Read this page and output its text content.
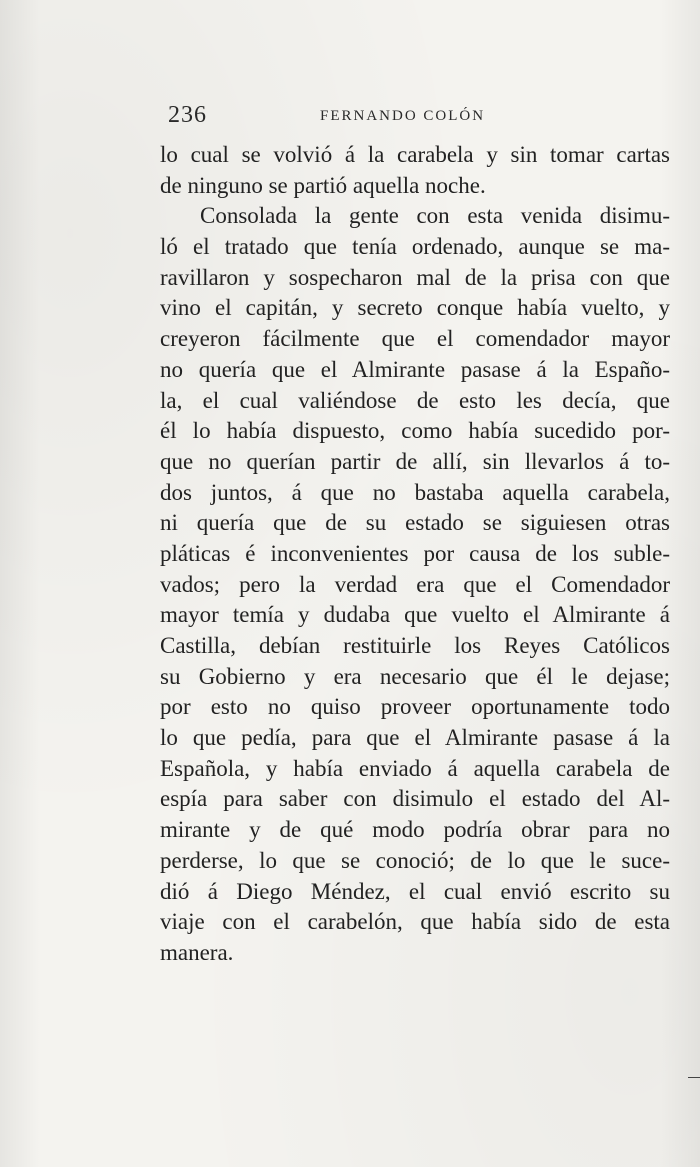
236	FERNANDO COLÓN
lo cual se volvió á la carabela y sin tomar cartas
de ninguno se partió aquella noche.
Consolada la gente con esta venida disimu-
ló el tratado que tenía ordenado, aunque se ma-
ravillaron y sospecharon mal de la prisa con que
vino el capitán, y secreto conque había vuelto, y
creyeron fácilmente que el comendador mayor
no quería que el Almirante pasase á la Españo-
la, el cual valiéndose de esto les decía, que
él lo había dispuesto, como había sucedido por-
que no querían partir de allí, sin llevarlos á to-
dos juntos, á que no bastaba aquella carabela,
ni quería que de su estado se siguiesen otras
pláticas é inconvenientes por causa de los suble-
vados; pero la verdad era que el Comendador
mayor temía y dudaba que vuelto el Almirante á
Castilla, debían restituirle los Reyes Católicos
su Gobierno y era necesario que él le dejase;
por esto no quiso proveer oportunamente todo
lo que pedía, para que el Almirante pasase á la
Española, y había enviado á aquella carabela de
espía para saber con disimulo el estado del Al-
mirante y de qué modo podría obrar para no
perderse, lo que se conoció; de lo que le suce-
dió á Diego Méndez, el cual envió escrito su
viaje con el carabelón, que había sido de esta
manera.
